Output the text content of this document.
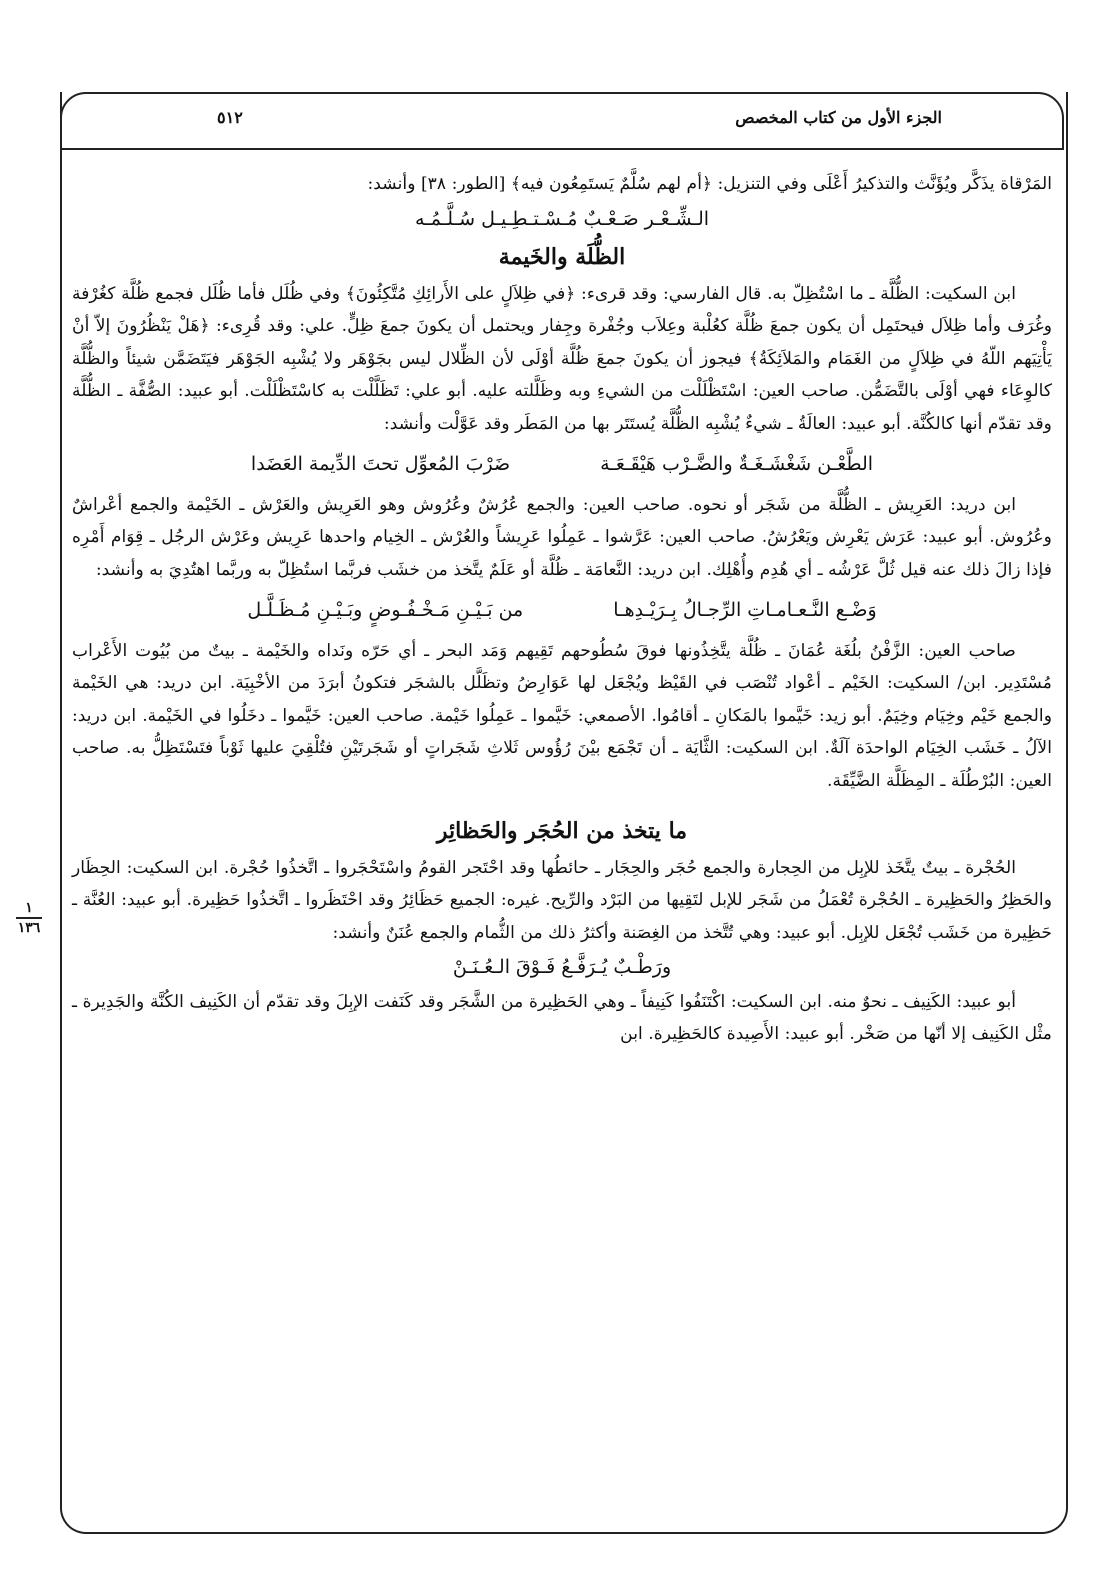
الجزء الأول من كتاب المخصص
٥١٢
١
١٣٦

المَرْقاة يذَكَّر ويُؤَنَّث والتذكيرُ أَعْلَى وفي التنزيل: ﴿أم لهم سُلَّمٌ يَستَمِعُون فيه﴾ [الطور: ٣٨] وأنشد:

الـشِّـعْـر صَـعْـبٌ مُـسْـتـطِـيـل سُـلَّـمُـه
الظُّلَة والخَيمة

ابن السكيت: الظُّلَّة ـ ما اسْتُظِلّ به. قال الفارسي: وقد قرىء: ﴿في ظِلاَلٍ على الأَرائِكِ مُتَّكِئُونَ﴾ وفي ظُلَل فأما ظُلَل فجمع ظُلَّة كغُرْفة وغُرَف وأما ظِلاَل فيحتَمِل أن يكون جمعَ ظُلَّة كعُلْبة وعِلاَب وجُفْرة وجِفار ويحتمل أن يكونَ جمعَ ظِلٍّ. علي: وقد قُرِىء: ﴿هَلْ يَنْظُرُونَ إلاّ أنْ يَأْتِيَهم اللّهُ في ظِلاَلٍ من الغَمَام والمَلاَئِكَةُ﴾ فيجوز أن يكونَ جمعَ ظُلَّة أوْلَى لأن الظِّلال ليس بجَوْهَر ولا يُشْبِه الجَوْهَر فيَتَضَمَّن شيئاً والظُّلَّة كالوِعَاء فهي أوْلَى بالتَّضَمُّن. صاحب العين: اسْتَظْلَلْت من الشيءِ وبه وظَلَّلته عليه. أبو علي: تَظَلَّلْت به كاسْتَظْلَلْت. أبو عبيد: الصُّفَّة ـ الظُّلَّة وقد تقدّم أنها كالكُنَّة. أبو عبيد: العالَةُ ـ شيءٌ يُشْبِه الظُّلَّة يُستَتَر بها من المَطَر وقد عَوَّلْت وأنشد:

الطَّعْـن شَغْشَـغَـةٌ والضَّـرْب هَيْقَـعَـة
ضَرْبَ المُعوِّل تحتَ الدِّيمة العَضَدا

ابن دريد: العَرِيش ـ الظُّلَّة من شَجَر أو نحوه. صاحب العين: والجمع عُرُشٌ وعُرُوش وهو العَرِيش والعَرْش ـ الخَيْمة والجمع أعْراشٌ وعُرُوش. أبو عبيد: عَرَش يَعْرِش ويَعْرُشُ. صاحب العين: عَرَّشوا ـ عَمِلُوا عَرِيشاً والعُرْش ـ الخِيام واحدها عَرِيش وعَرْش الرجُل ـ قِوَام أَمْرِه فإذا زالَ ذلك عنه قيل ثُلَّ عَرْشُه ـ أي هُدِم وأُهْلِك. ابن دريد: النَّعامَة ـ ظُلَّة أو عَلَمٌ يتَّخذ من خشَب فربَّما استُظِلّ به وربَّما اهتُدِيَ به وأنشد:

وَضْـع النَّـعـامـاتِ الرِّجـالُ بِـرَيْـدِهـا
من بَـيْـنِ مَـخْـفُـوضٍ وبَـيْـنِ مُـظَـلَّـل

صاحب العين: الزَّفْنُ بلُغَة عُمَانَ ـ ظُلَّة يتَّخِذُونها فوقَ سُطُوحهم تَقِيهم وَمَد البحر ـ أي حَرّه ونَداه والخَيْمة ـ بيتٌ من بُيُوت الأَعْراب مُسْتَدِير. ابن/ السكيت: الخَيْم ـ أعْواد تُنْصَب في القَيْظ ويُجْعَل لها عَوَارِضُ وتظَلَّل بالشجَر فتكونُ أبرَدَ من الأخْبِيَة. ابن دريد: هي الخَيْمة والجمع خَيْم وخِيَام وخِيَمٌ. أبو زيد: خَيَّموا بالمَكانِ ـ أقامُوا. الأصمعي: خَيَّموا ـ عَمِلُوا خَيْمة. صاحب العين: خَيَّموا ـ دخَلُوا في الخَيْمة. ابن دريد: الآلُ ـ خَشَب الخِيَام الواحدَة آلَةٌ. ابن السكيت: الثَّايَة ـ أن تَجْمَع بيْنَ رُؤُوس ثَلاثِ شَجَراتٍ أو شَجَرتَيْنِ فتُلْقِيَ عليها ثَوْباً فتَسْتَظِلُّ به. صاحب العين: البُرْطُلَة ـ المِظَلَّة الضَّيِّقَة.

ما يتخذ من الحُجَر والحَظائِر

الحُجْرة ـ بيتٌ يتَّخَذ للإبِل من الحِجارة والجمع حُجَر والحِجَار ـ حائطُها وقد احْتَجر القومُ واسْتَحْجَروا ـ اتَّخذُوا حُجْرة. ابن السكيت: الحِظَار والحَظِرُ والحَظِيرة ـ الحُجْرة تُعْمَلُ من شَجَر للإبل لتَقِيها من البَرْد والرِّيح. غيره: الجميع حَظَائِرُ وقد احْتَظَروا ـ اتَّخذُوا حَظِيرة. أبو عبيد: العُنَّة ـ حَظِيرة من خَشَب تُجْعَل للإبِل. أبو عبيد: وهي تُتَّخذ من الغِصَنة وأكثرُ ذلك من الثُّمام والجمع عُنَنٌ وأنشد:

ورَطْـبٌ يُـرَفَّـعُ فَـوْقَ الـعُـنَـنْ

أبو عبيد: الكَنِيف ـ نحوٌ منه. ابن السكيت: اكْتَنَفُوا كَنِيفاً ـ وهي الحَظِيرة من الشَّجَر وقد كَنَفت الإبِلَ وقد تقدّم أن الكَنِيف الكُنَّة والجَدِيرة ـ مثْل الكَنِيف إلا أنّها من صَخْر. أبو عبيد: الأَصِيدة كالحَظِيرة. ابن
